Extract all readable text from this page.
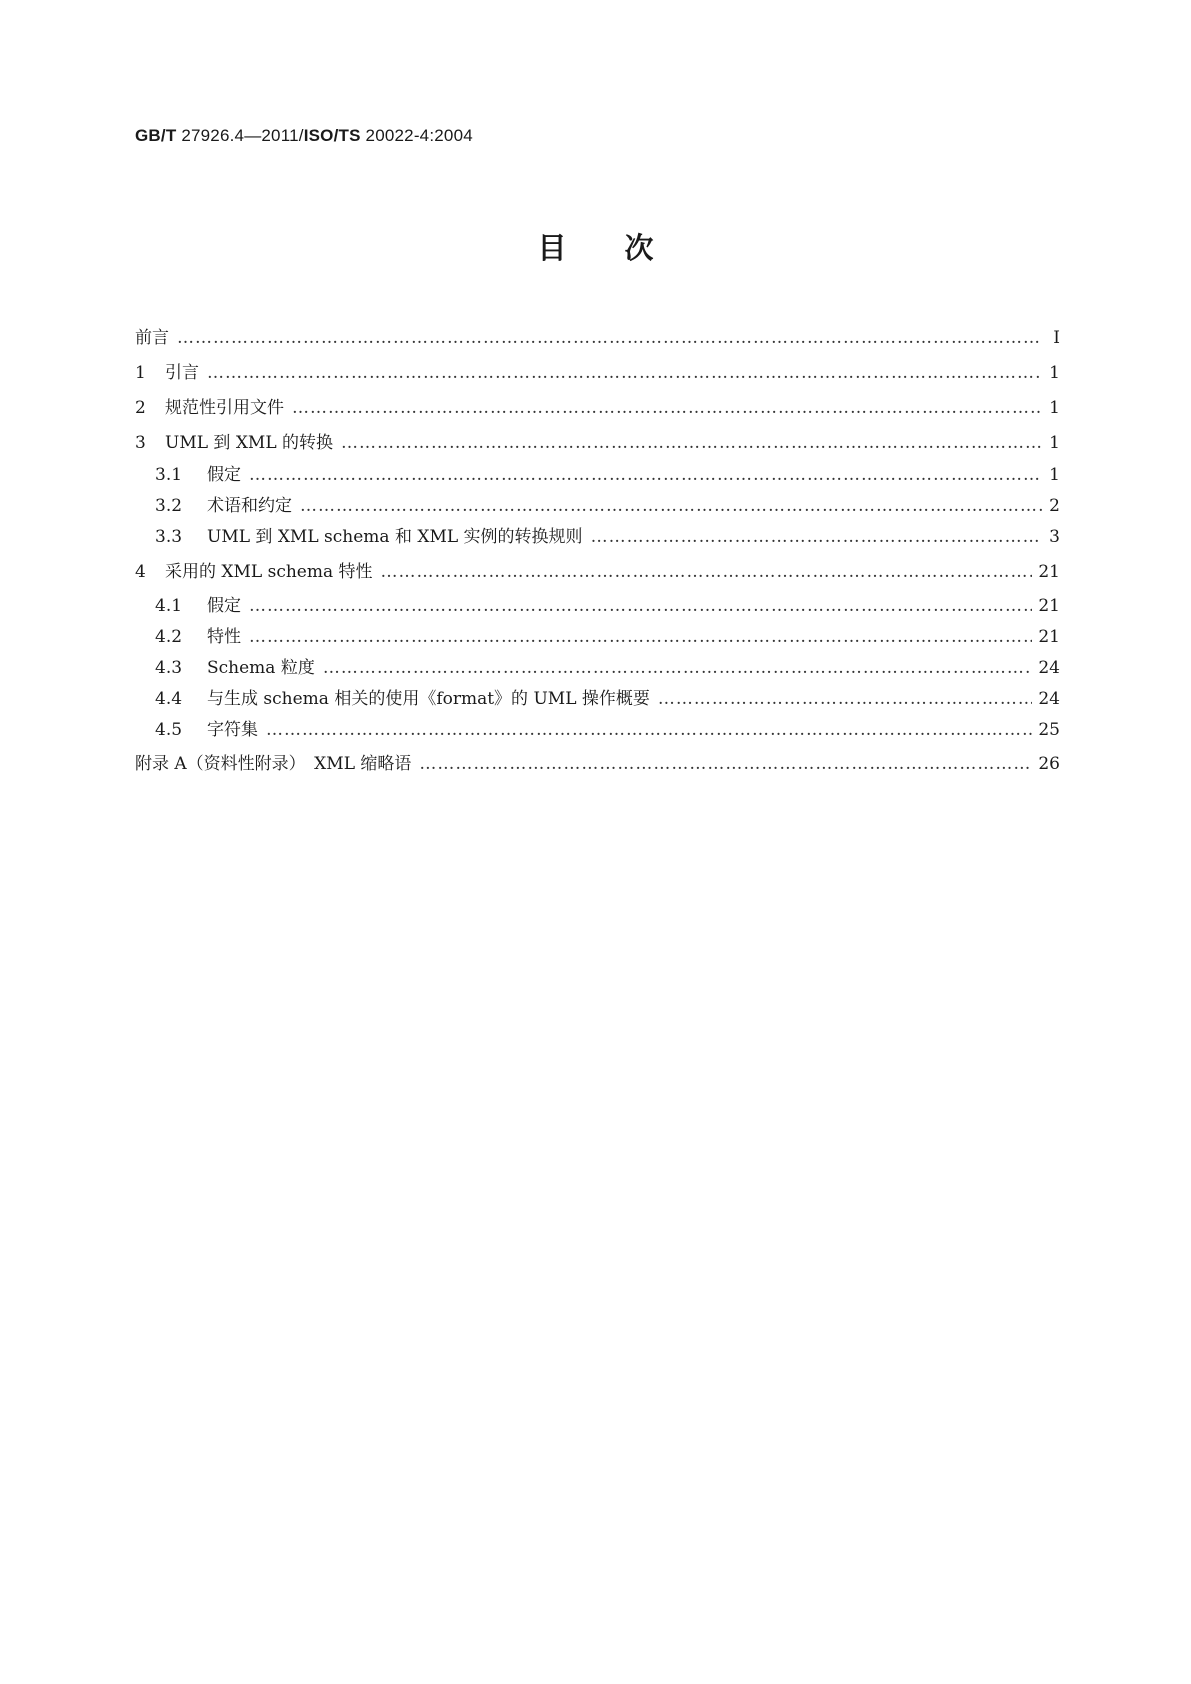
GB/T 27926.4—2011/ISO/TS 20022-4:2004
目次
前言 …………………………………………………………………………………………………………………………………………………………………………………………………………………………………………	Ⅰ
1	引言 …………………………………………………………………………………………………………………………………………………………………………………………………………………………………………	1
2	规范性引用文件 …………………………………………………………………………………………………………………………………………………………………………………………………………………………………………	1
3	UML 到 XML 的转换 …………………………………………………………………………………………………………………………………………………………………………………………………………………………………………	1
3.1	假定 …………………………………………………………………………………………………………………………………………………………………………………………………………………………………………	1
3.2	术语和约定 …………………………………………………………………………………………………………………………………………………………………………………………………………………………………………	2
3.3	UML 到 XML schema 和 XML 实例的转换规则 …………………………………………………………………………………………………………………………………………………………………………………………………………………………………………	3
4	采用的 XML schema 特性 …………………………………………………………………………………………………………………………………………………………………………………………………………………………………………	21
4.1	假定 …………………………………………………………………………………………………………………………………………………………………………………………………………………………………………	21
4.2	特性 …………………………………………………………………………………………………………………………………………………………………………………………………………………………………………	21
4.3	Schema 粒度 …………………………………………………………………………………………………………………………………………………………………………………………………………………………………………	24
4.4	与生成 schema 相关的使用《format》的 UML 操作概要 …………………………………………………………………………………………………………………………………………………………………………………………………………………………………………	24
4.5	字符集 …………………………………………………………………………………………………………………………………………………………………………………………………………………………………………	25
附录 A（资料性附录）　XML 缩略语 …………………………………………………………………………………………………………………………………………………………………………………………………………………………………………	26
